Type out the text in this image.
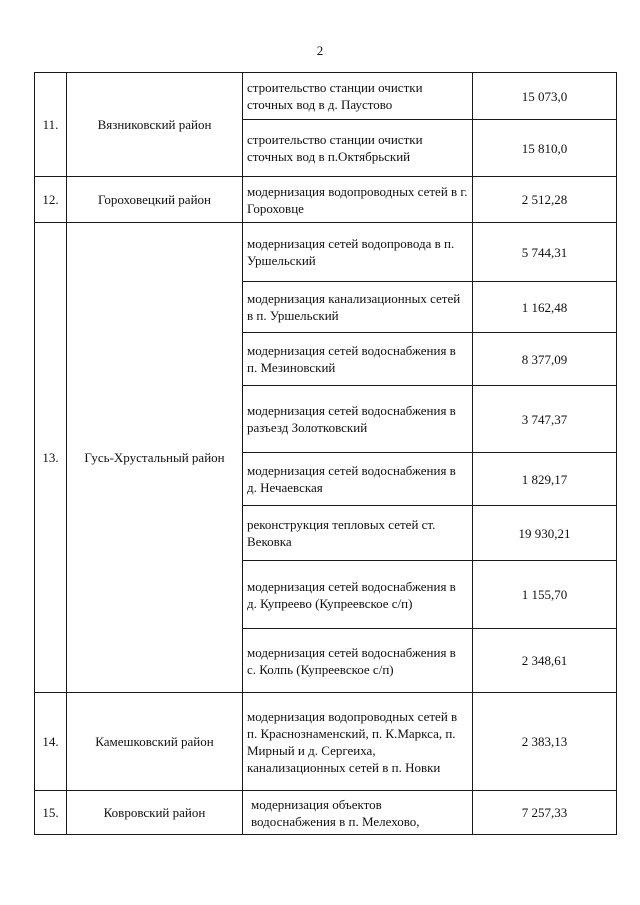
2
11.	Вязниковский район	строительство станции очистки сточных вод в д. Паустово	15 073,0
		строительство станции очистки сточных вод в п.Октябрьский	15 810,0
12.	Гороховецкий район	модернизация водопроводных сетей в г. Гороховце	2 512,28
13.	Гусь-Хрустальный район	модернизация сетей водопровода в п. Уршельский	5 744,31
		модернизация канализационных сетей в п. Уршельский	1 162,48
		модернизация сетей водоснабжения в п. Мезиновский	8 377,09
		модернизация сетей водоснабжения в разъезд Золотковский	3 747,37
		модернизация сетей водоснабжения в д. Нечаевская	1 829,17
		реконструкция тепловых сетей ст. Вековка	19 930,21
		модернизация сетей водоснабжения в д. Купреево (Купреевское с/п)	1 155,70
		модернизация сетей водоснабжения в с. Колпь (Купреевское с/п)	2 348,61
14.	Камешковский район	модернизация водопроводных сетей в п. Краснознаменский, п. К.Маркса, п. Мирный и д. Сергеиха, канализационных сетей в п. Новки	2 383,13
15.	Ковровский район	модернизация объектов водоснабжения в п. Мелехово,	7 257,33
